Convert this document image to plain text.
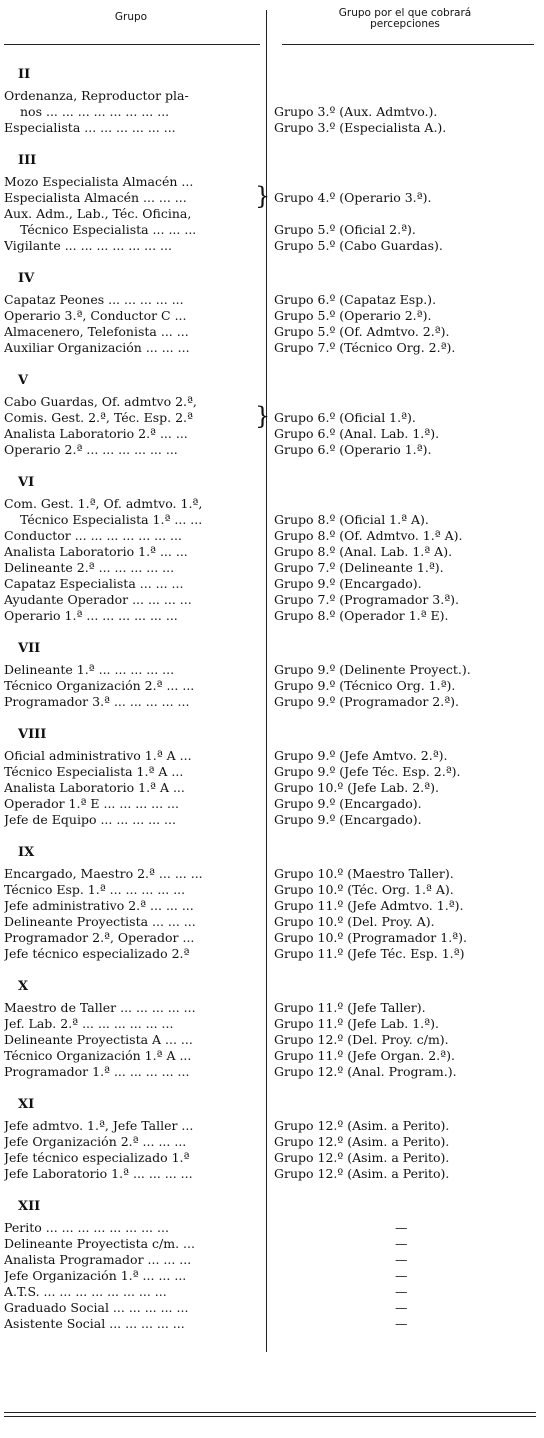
Grupo	Grupo por el que cobrará
percepciones
II
Ordenanza, Reproductor pla-
nos ... ... ... ... ... ... ... ...	Grupo 3.º (Aux. Admtvo.).
Especialista ... ... ... ... ... ...	Grupo 3.º (Especialista A.).
III
Mozo Especialista Almacén ...
Especialista Almacén ... ... ...	} Grupo 4.º (Operario 3.ª).
Aux. Adm., Lab., Téc. Oficina,
Técnico Especialista ... ... ...	Grupo 5.º (Oficial 2.ª).
Vigilante ... ... ... ... ... ... ...	Grupo 5.º (Cabo Guardas).
IV
Capataz Peones ... ... ... ... ...	Grupo 6.º (Capataz Esp.).
Operario 3.ª, Conductor C ...	Grupo 5.º (Operario 2.ª).
Almacenero, Telefonista ... ...	Grupo 5.º (Of. Admtvo. 2.ª).
Auxiliar Organización ... ... ...	Grupo 7.º (Técnico Org. 2.ª).
V
Cabo Guardas, Of. admtvo 2.ª,
Comis. Gest. 2.ª, Téc. Esp. 2.ª	} Grupo 6.º (Oficial 1.ª).
Analista Laboratorio 2.ª ... ...	Grupo 6.º (Anal. Lab. 1.ª).
Operario 2.ª ... ... ... ... ... ...	Grupo 6.º (Operario 1.ª).
VI
Com. Gest. 1.ª, Of. admtvo. 1.ª,
Técnico Especialista 1.ª ... ...	Grupo 8.º (Oficial 1.ª A).
Conductor ... ... ... ... ... ... ...	Grupo 8.º (Of. Admtvo. 1.ª A).
Analista Laboratorio 1.ª ... ...	Grupo 8.º (Anal. Lab. 1.ª A).
Delineante 2.ª ... ... ... ... ...	Grupo 7.º (Delineante 1.ª).
Capataz Especialista ... ... ...	Grupo 9.º (Encargado).
Ayudante Operador ... ... ... ...	Grupo 7.º (Programador 3.ª).
Operario 1.ª ... ... ... ... ... ...	Grupo 8.º (Operador 1.ª E).
VII
Delineante 1.ª ... ... ... ... ...	Grupo 9.º (Delinente Proyect.).
Técnico Organización 2.ª ... ...	Grupo 9.º (Técnico Org. 1.ª).
Programador 3.ª ... ... ... ... ...	Grupo 9.º (Programador 2.ª).
VIII
Oficial administrativo 1.ª A ...	Grupo 9.º (Jefe Amtvo. 2.ª).
Técnico Especialista 1.ª A ...	Grupo 9.º (Jefe Téc. Esp. 2.ª).
Analista Laboratorio 1.ª A ...	Grupo 10.º (Jefe Lab. 2.ª).
Operador 1.ª E ... ... ... ... ...	Grupo 9.º (Encargado).
Jefe de Equipo ... ... ... ... ...	Grupo 9.º (Encargado).
IX
Encargado, Maestro 2.ª ... ... ...	Grupo 10.º (Maestro Taller).
Técnico Esp. 1.ª ... ... ... ... ...	Grupo 10.º (Téc. Org. 1.ª A).
Jefe administrativo 2.ª ... ... ...	Grupo 11.º (Jefe Admtvo. 1.ª).
Delineante Proyectista ... ... ...	Grupo 10.º (Del. Proy. A).
Programador 2.ª, Operador ...	Grupo 10.º (Programador 1.ª).
Jefe técnico especializado 2.ª	Grupo 11.º (Jefe Téc. Esp. 1.ª)
X
Maestro de Taller ... ... ... ... ...	Grupo 11.º (Jefe Taller).
Jef. Lab. 2.ª ... ... ... ... ... ...	Grupo 11.º (Jefe Lab. 1.ª).
Delineante Proyectista A ... ...	Grupo 12.º (Del. Proy. c/m).
Técnico Organización 1.ª A ...	Grupo 11.º (Jefe Organ. 2.ª).
Programador 1.ª ... ... ... ... ...	Grupo 12.º (Anal. Program.).
XI
Jefe admtvo. 1.ª, Jefe Taller ...	Grupo 12.º (Asim. a Perito).
Jefe Organización 2.ª ... ... ...	Grupo 12.º (Asim. a Perito).
Jefe técnico especializado 1.ª	Grupo 12.º (Asim. a Perito).
Jefe Laboratorio 1.ª ... ... ... ...	Grupo 12.º (Asim. a Perito).
XII
Perito ... ... ... ... ... ... ... ...	—
Delineante Proyectista c/m. ...	—
Analista Programador ... ... ...	—
Jefe Organización 1.ª ... ... ...	—
A.T.S. ... ... ... ... ... ... ... ...	—
Graduado Social ... ... ... ... ...	—
Asistente Social ... ... ... ... ...	—
